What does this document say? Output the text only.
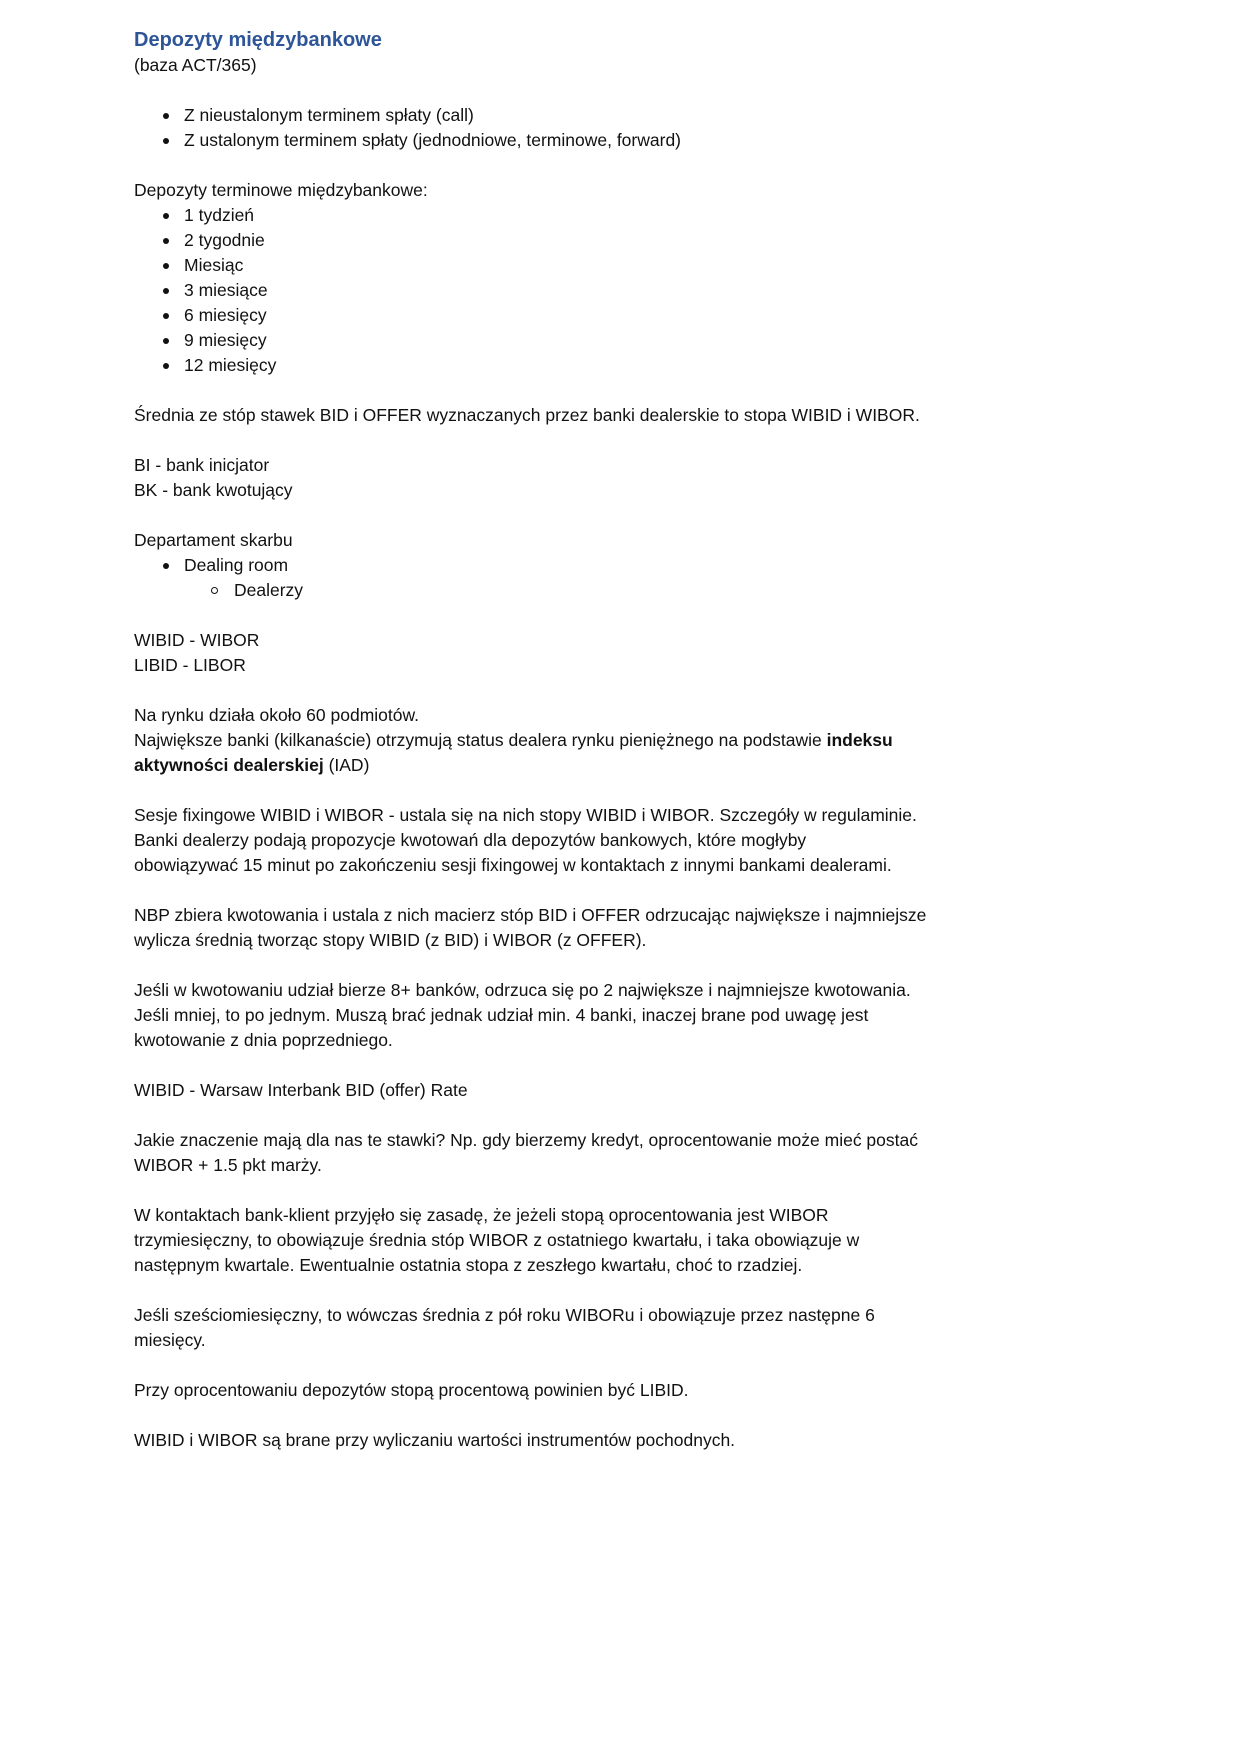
Depozyty międzybankowe
(baza ACT/365)
Z nieustalonym terminem spłaty (call)
Z ustalonym terminem spłaty (jednodniowe, terminowe, forward)
Depozyty terminowe międzybankowe:
1 tydzień
2 tygodnie
Miesiąc
3 miesiące
6 miesięcy
9 miesięcy
12 miesięcy
Średnia ze stóp stawek BID i OFFER wyznaczanych przez banki dealerskie to stopa WIBID i WIBOR.
BI - bank inicjator
BK - bank kwotujący
Departament skarbu
Dealing room
Dealerzy
WIBID - WIBOR
LIBID - LIBOR
Na rynku działa około 60 podmiotów.
Największe banki (kilkanaście) otrzymują status dealera rynku pieniężnego na podstawie indeksu
aktywności dealerskiej (IAD)
Sesje fixingowe WIBID i WIBOR - ustala się na nich stopy WIBID i WIBOR. Szczegóły w regulaminie.
Banki dealerzy podają propozycje kwotowań dla depozytów bankowych, które mogłyby
obowiązywać 15 minut po zakończeniu sesji fixingowej w kontaktach z innymi bankami dealerami.
NBP zbiera kwotowania i ustala z nich macierz stóp BID i OFFER odrzucając największe i najmniejsze
wylicza średnią tworząc stopy WIBID (z BID) i WIBOR (z OFFER).
Jeśli w kwotowaniu udział bierze 8+ banków, odrzuca się po 2 największe i najmniejsze kwotowania.
Jeśli mniej, to po jednym. Muszą brać jednak udział min. 4 banki, inaczej brane pod uwagę jest
kwotowanie z dnia poprzedniego.
WIBID - Warsaw Interbank BID (offer) Rate
Jakie znaczenie mają dla nas te stawki? Np. gdy bierzemy kredyt, oprocentowanie może mieć postać
WIBOR + 1.5 pkt marży.
W kontaktach bank-klient przyjęło się zasadę, że jeżeli stopą oprocentowania jest WIBOR
trzymiesięczny, to obowiązuje średnia stóp WIBOR z ostatniego kwartału, i taka obowiązuje w
następnym kwartale. Ewentualnie ostatnia stopa z zeszłego kwartału, choć to rzadziej.
Jeśli sześciomiesięczny, to wówczas średnia z pół roku WIBORu i obowiązuje przez następne 6
miesięcy.
Przy oprocentowaniu depozytów stopą procentową powinien być LIBID.
WIBID i WIBOR są brane przy wyliczaniu wartości instrumentów pochodnych.
